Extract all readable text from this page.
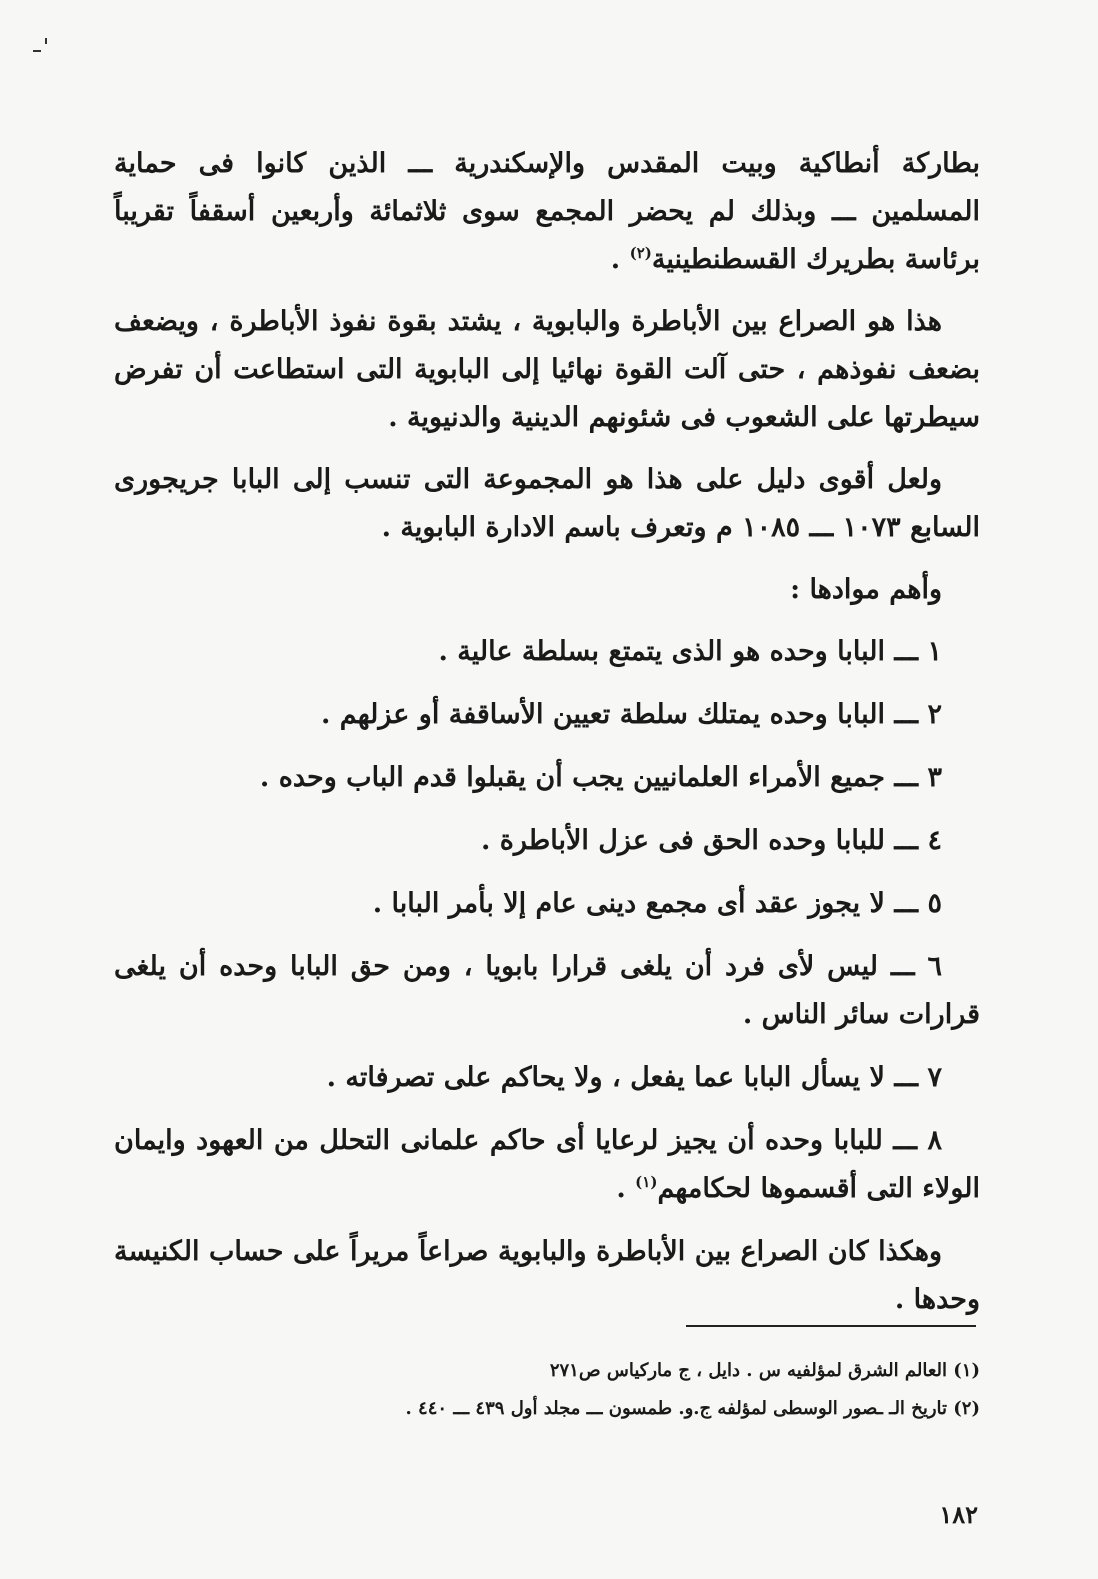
بطاركة أنطاكية وبيت المقدس والإسكندرية ـــ الذين كانوا فى حماية المسلمين ـــ وبذلك لم يحضر المجمع سوى ثلاثمائة وأربعين أسقفاً تقريباً برئاسة بطريرك القسطنطينية$^{(٢)}$ .

هذا هو الصراع بين الأباطرة والبابوية ، يشتد بقوة نفوذ الأباطرة ، ويضعف بضعف نفوذهم ، حتى آلت القوة نهائيا إلى البابوية التى استطاعت أن تفرض سيطرتها على الشعوب فى شئونهم الدينية والدنيوية .

ولعل أقوى دليل على هذا هو المجموعة التى تنسب إلى البابا جريجورى السابع ١٠٧٣ ـــ ١٠٨٥ م وتعرف باسم الادارة البابوية .

وأهم موادها :

١ ـــ البابا وحده هو الذى يتمتع بسلطة عالية .

٢ ـــ البابا وحده يمتلك سلطة تعيين الأساقفة أو عزلهم .

٣ ـــ جميع الأمراء العلمانيين يجب أن يقبلوا قدم الباب وحده .

٤ ـــ للبابا وحده الحق فى عزل الأباطرة .

٥ ـــ لا يجوز عقد أى مجمع دينى عام إلا بأمر البابا .

٦ ـــ ليس لأى فرد أن يلغى قرارا بابويا ، ومن حق البابا وحده أن يلغى قرارات سائر الناس .

٧ ـــ لا يسأل البابا عما يفعل ، ولا يحاكم على تصرفاته .

٨ ـــ للبابا وحده أن يجيز لرعايا أى حاكم علمانى التحلل من العهود وايمان الولاء التى أقسموها لحكامهم$^{(١)}$ .

وهكذا كان الصراع بين الأباطرة والبابوية صراعاً مريراً على حساب الكنيسة وحدها .

(١) العالم الشرق لمؤلفيه س . دايل ، ج ماركياس ص٢٧١

(٢) تاريخ الـ ـصور الوسطى لمؤلفه ج.و. طمسون ـــ مجلد أول ٤٣٩ ـــ ٤٤٠ .

١٨٢
